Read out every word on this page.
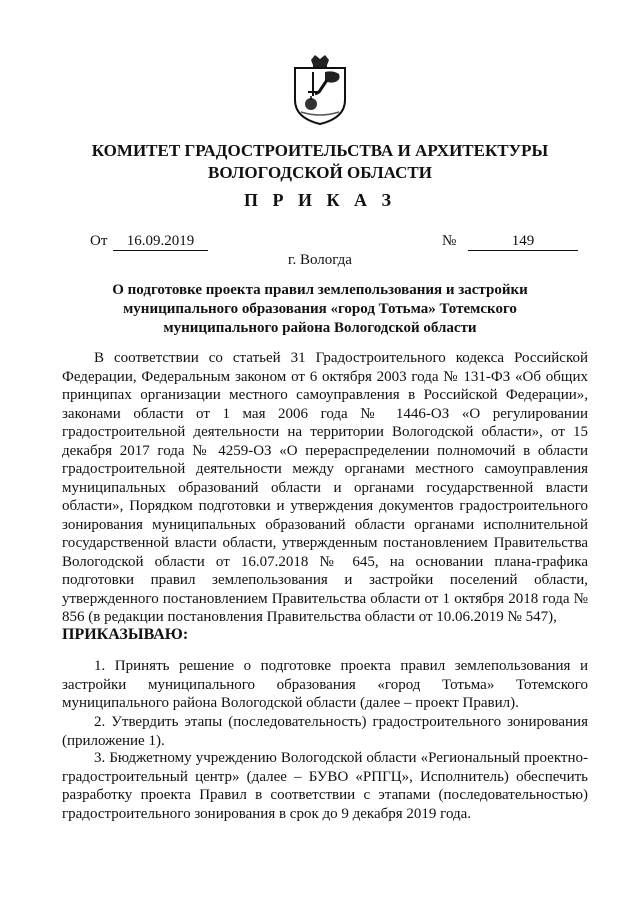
КОМИТЕТ ГРАДОСТРОИТЕЛЬСТВА И АРХИТЕКТУРЫ
ВОЛОГОДСКОЙ ОБЛАСТИ
П Р И К А З
От	16.09.2019	№	149
г. Вологда
О подготовке проекта правил землепользования и застройки
муниципального образования «город Тотьма» Тотемского
муниципального района Вологодской области

В соответствии со статьей 31 Градостроительного кодекса Российской Федерации, Федеральным законом от 6 октября 2003 года № 131-ФЗ «Об общих принципах организации местного самоуправления в Российской Федерации», законами области от 1 мая 2006 года № 1446-ОЗ «О регулировании градостроительной деятельности на территории Вологодской области», от 15 декабря 2017 года № 4259-ОЗ «О перераспределении полномочий в области градостроительной деятельности между органами местного самоуправления муниципальных образований области и органами государственной власти области», Порядком подготовки и утверждения документов градостроительного зонирования муниципальных образований области органами исполнительной государственной власти области, утвержденным постановлением Правительства Вологодской области от 16.07.2018 № 645, на основании плана-графика подготовки правил землепользования и застройки поселений области, утвержденного постановлением Правительства области от 1 октября 2018 года № 856 (в редакции постановления Правительства области от 10.06.2019 № 547),

ПРИКАЗЫВАЮ:

1. Принять решение о подготовке проекта правил землепользования и застройки муниципального образования «город Тотьма» Тотемского муниципального района Вологодской области (далее – проект Правил).

2. Утвердить этапы (последовательность) градостроительного зонирования (приложение 1).

3. Бюджетному учреждению Вологодской области «Региональный проектно-градостроительный центр» (далее – БУВО «РПГЦ», Исполнитель) обеспечить разработку проекта Правил в соответствии с этапами (последовательностью) градостроительного зонирования в срок до 9 декабря 2019 года.
